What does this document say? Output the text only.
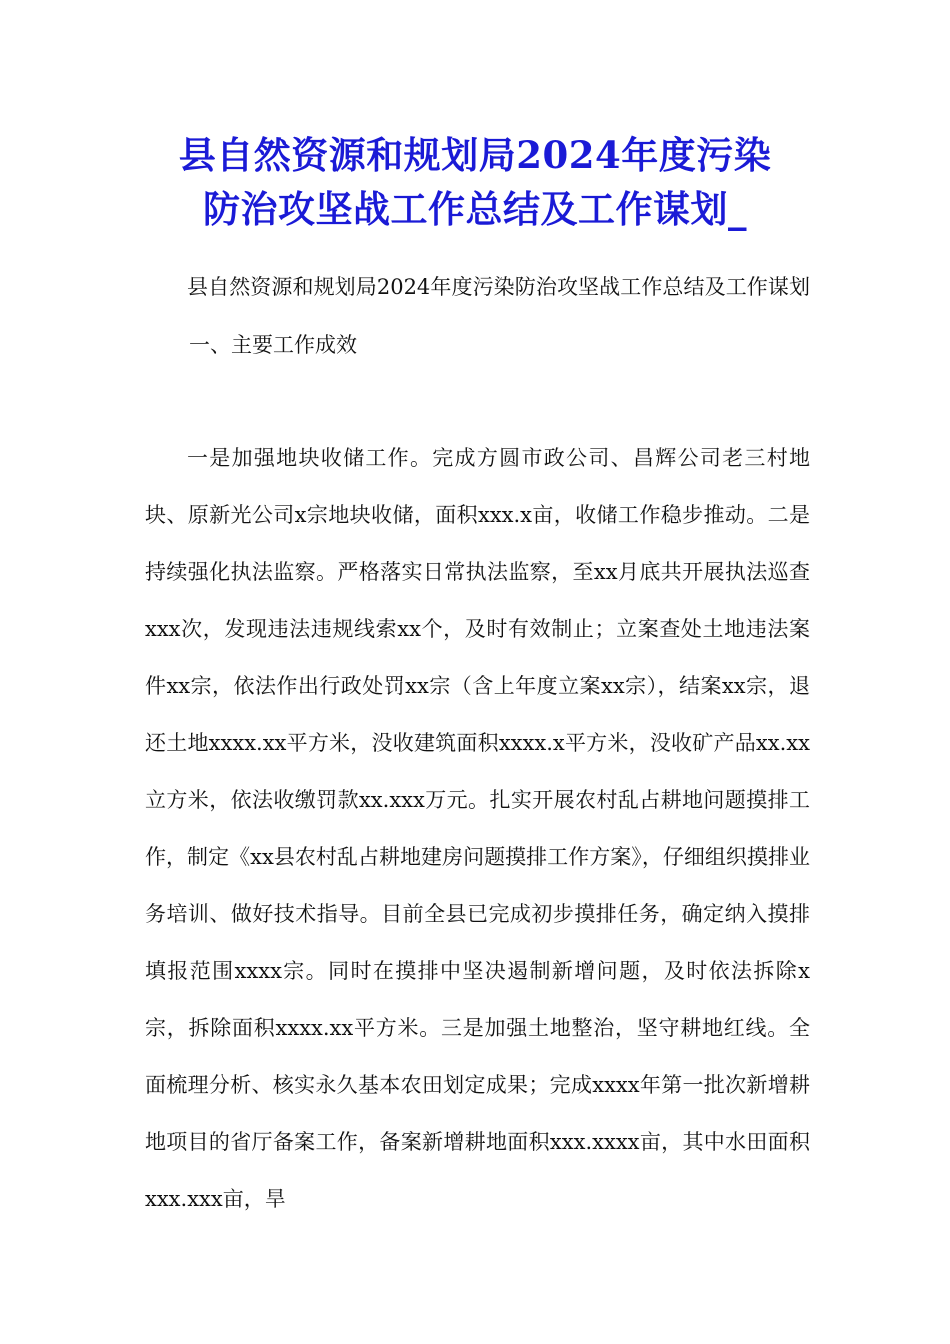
县自然资源和规划局2024年度污染
防治攻坚战工作总结及工作谋划_

县自然资源和规划局2024年度污染防治攻坚战工作总结及工作谋划一、主要工作成效

一是加强地块收储工作。完成方圆市政公司、昌辉公司老三村地块、原新光公司x宗地块收储，面积xxx.x亩，收储工作稳步推动。二是持续强化执法监察。严格落实日常执法监察，至xx月底共开展执法巡查xxx次，发现违法违规线索xx个，及时有效制止；立案查处土地违法案件xx宗，依法作出行政处罚xx宗（含上年度立案xx宗），结案xx宗，退还土地xxxx.xx平方米，没收建筑面积xxxx.x平方米，没收矿产品xx.xx立方米，依法收缴罚款xx.xxx万元。扎实开展农村乱占耕地问题摸排工作，制定《xx县农村乱占耕地建房问题摸排工作方案》，仔细组织摸排业务培训、做好技术指导。目前全县已完成初步摸排任务，确定纳入摸排填报范围xxxx宗。同时在摸排中坚决遏制新增问题，及时依法拆除x宗，拆除面积xxxx.xx平方米。三是加强土地整治，坚守耕地红线。全面梳理分析、核实永久基本农田划定成果；完成xxxx年第一批次新增耕地项目的省厅备案工作，备案新增耕地面积xxx.xxxx亩，其中水田面积xxx.xxx亩，旱
